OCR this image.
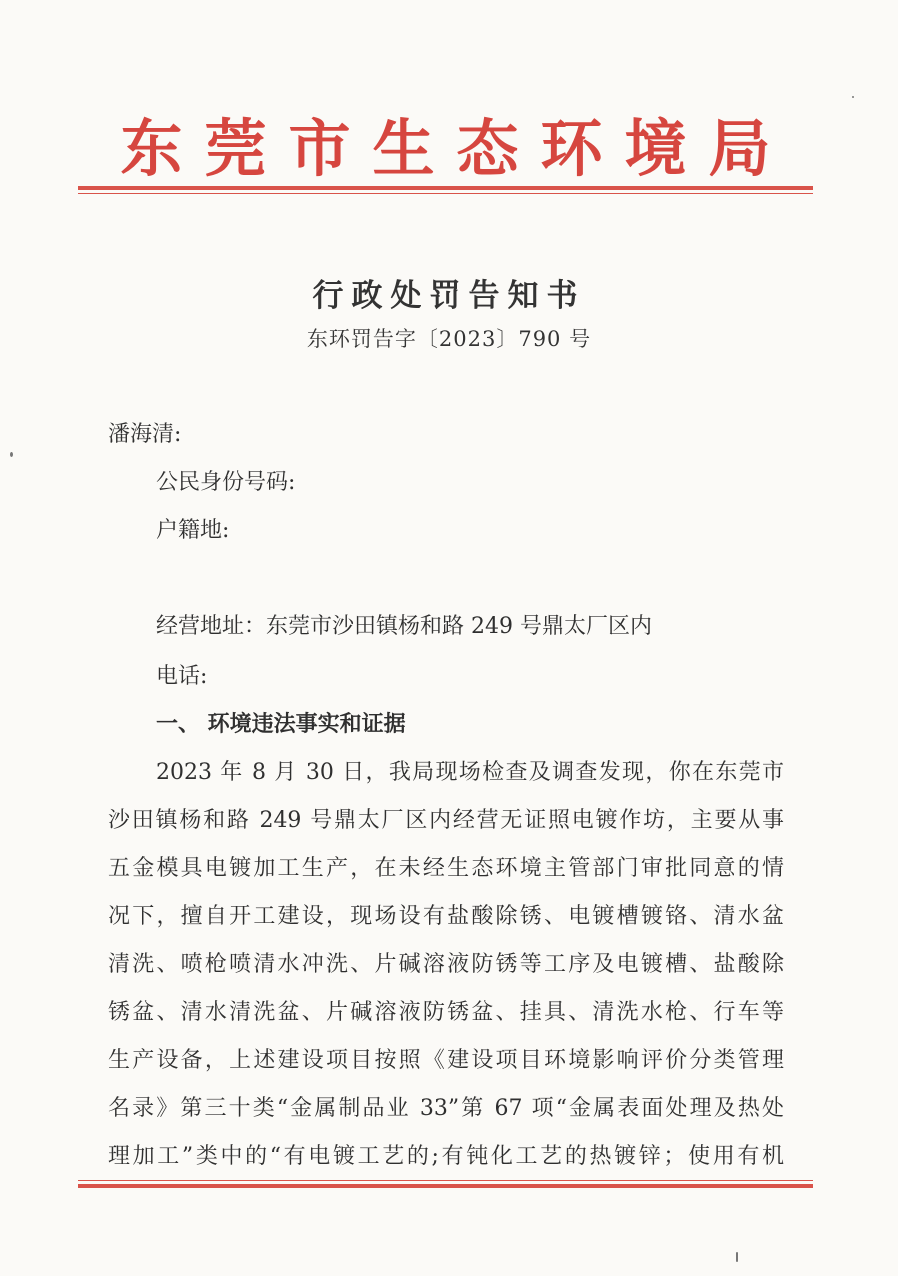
东莞市生态环境局
行政处罚告知书
东环罚告字〔2023〕790 号
潘海清:
公民身份号码:
户籍地:
经营地址：东莞市沙田镇杨和路 249 号鼎太厂区内
电话:
一、 环境违法事实和证据
2023 年 8 月 30 日，我局现场检查及调查发现，你在东莞市
沙田镇杨和路 249 号鼎太厂区内经营无证照电镀作坊，主要从事
五金模具电镀加工生产，在未经生态环境主管部门审批同意的情
况下，擅自开工建设，现场设有盐酸除锈、电镀槽镀铬、清水盆
清洗、喷枪喷清水冲洗、片碱溶液防锈等工序及电镀槽、盐酸除
锈盆、清水清洗盆、片碱溶液防锈盆、挂具、清洗水枪、行车等
生产设备，上述建设项目按照《建设项目环境影响评价分类管理
名录》第三十类“金属制品业 33”第 67 项“金属表面处理及热处
理加工”类中的“有电镀工艺的;有钝化工艺的热镀锌；使用有机
